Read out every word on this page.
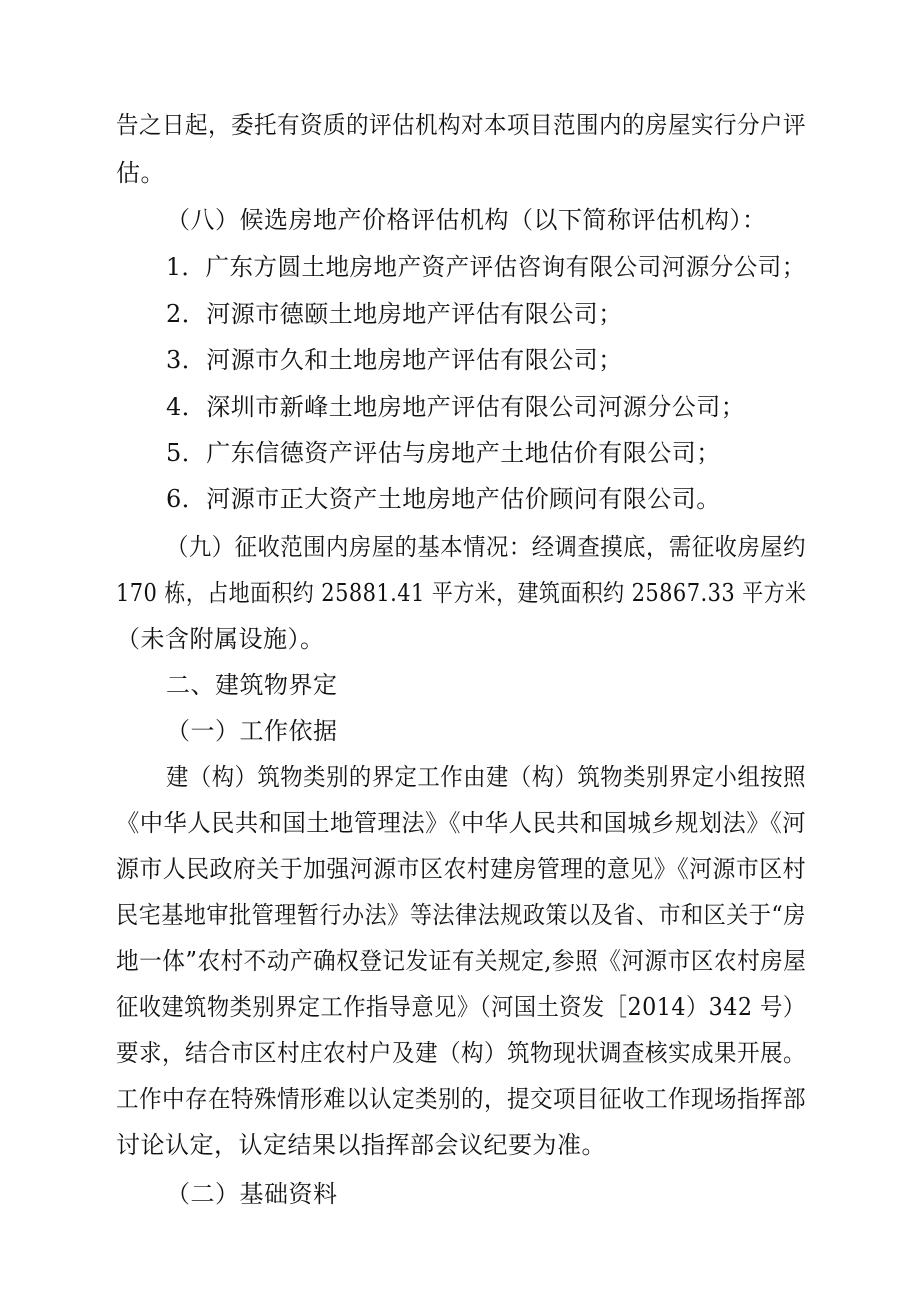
告之日起，委托有资质的评估机构对本项目范围内的房屋实行分户评
估。
（八）候选房地产价格评估机构（以下简称评估机构）：
1．广东方圆土地房地产资产评估咨询有限公司河源分公司；
2．河源市德颐土地房地产评估有限公司；
3．河源市久和土地房地产评估有限公司；
4．深圳市新峰土地房地产评估有限公司河源分公司；
5．广东信德资产评估与房地产土地估价有限公司；
6．河源市正大资产土地房地产估价顾问有限公司。
（九）征收范围内房屋的基本情况：经调查摸底，需征收房屋约
170 栋，占地面积约 25881.41 平方米，建筑面积约 25867.33 平方米
（未含附属设施）。
二、建筑物界定
（一）工作依据
建（构）筑物类别的界定工作由建（构）筑物类别界定小组按照
《中华人民共和国土地管理法》《中华人民共和国城乡规划法》《河
源市人民政府关于加强河源市区农村建房管理的意见》《河源市区村
民宅基地审批管理暂行办法》等法律法规政策以及省、市和区关于“房
地一体”农村不动产确权登记发证有关规定,参照《河源市区农村房屋
征收建筑物类别界定工作指导意见》（河国土资发［2014）342 号）
要求，结合市区村庄农村户及建（构）筑物现状调查核实成果开展。
工作中存在特殊情形难以认定类别的，提交项目征收工作现场指挥部
讨论认定，认定结果以指挥部会议纪要为准。
（二）基础资料
